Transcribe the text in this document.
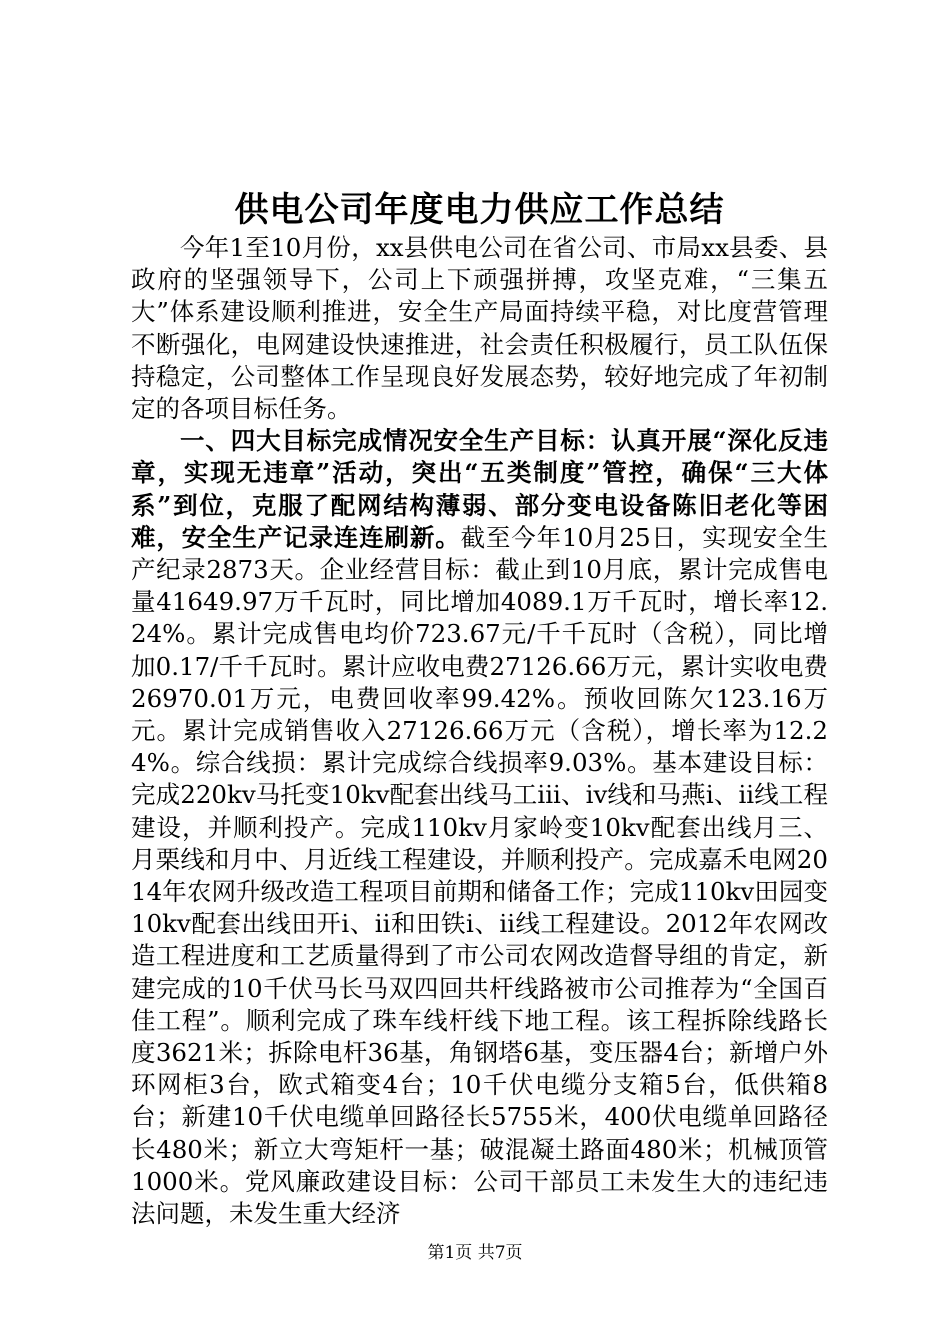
供电公司年度电力供应工作总结

今年1至10月份，xx县供电公司在省公司、市局xx县委、县政府的坚强领导下，公司上下顽强拼搏，攻坚克难，“三集五大”体系建设顺利推进，安全生产局面持续平稳，对比度营管理不断强化，电网建设快速推进，社会责任积极履行，员工队伍保持稳定，公司整体工作呈现良好发展态势，较好地完成了年初制定的各项目标任务。

一、四大目标完成情况安全生产目标：认真开展“深化反违章，实现无违章”活动，突出“五类制度”管控，确保“三大体系”到位，克服了配网结构薄弱、部分变电设备陈旧老化等困难，安全生产记录连连刷新。截至今年10月25日，实现安全生产纪录2873天。企业经营目标：截止到10月底，累计完成售电量41649.97万千瓦时，同比增加4089.1万千瓦时，增长率12.24%。累计完成售电均价723.67元/千千瓦时（含税），同比增加0.17/千千瓦时。累计应收电费27126.66万元，累计实收电费26970.01万元，电费回收率99.42%。预收回陈欠123.16万元。累计完成销售收入27126.66万元（含税），增长率为12.24%。综合线损：累计完成综合线损率9.03%。基本建设目标：完成220kv马托变10kv配套出线马工iii、iv线和马燕i、ii线工程建设，并顺利投产。完成110kv月家岭变10kv配套出线月三、月栗线和月中、月近线工程建设，并顺利投产。完成嘉禾电网2014年农网升级改造工程项目前期和储备工作；完成110kv田园变10kv配套出线田开i、ii和田铁i、ii线工程建设。2012年农网改造工程进度和工艺质量得到了市公司农网改造督导组的肯定，新建完成的10千伏马长马双四回共杆线路被市公司推荐为“全国百佳工程”。顺利完成了珠车线杆线下地工程。该工程拆除线路长度3621米；拆除电杆36基，角钢塔6基，变压器4台；新增户外环网柜3台，欧式箱变4台；10千伏电缆分支箱5台，低供箱8台；新建10千伏电缆单回路径长5755米，400伏电缆单回路径长480米；新立大弯矩杆一基；破混凝土路面480米；机械顶管1000米。党风廉政建设目标：公司干部员工未发生大的违纪违法问题，未发生重大经济

第1页 共7页
